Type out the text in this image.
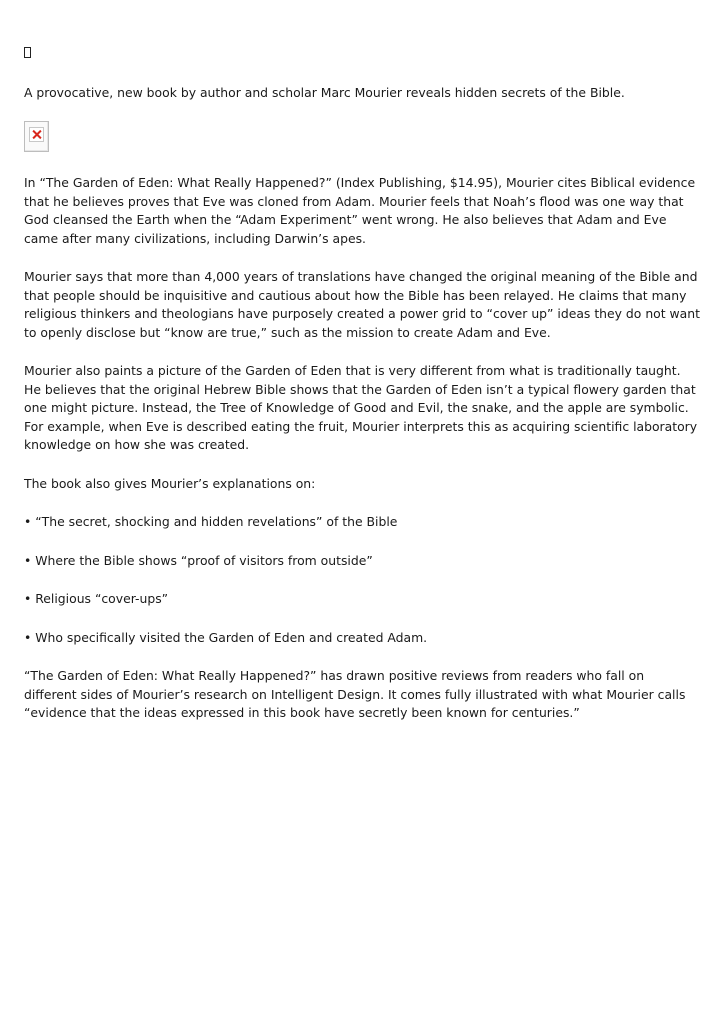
A provocative, new book by author and scholar Marc Mourier reveals hidden secrets of the Bible.

In “The Garden of Eden: What Really Happened?” (Index Publishing, $14.95), Mourier cites Biblical evidence that he believes proves that Eve was cloned from Adam. Mourier feels that Noah’s flood was one way that God cleansed the Earth when the “Adam Experiment” went wrong. He also believes that Adam and Eve came after many civilizations, including Darwin’s apes.

Mourier says that more than 4,000 years of translations have changed the original meaning of the Bible and that people should be inquisitive and cautious about how the Bible has been relayed. He claims that many religious thinkers and theologians have purposely created a power grid to “cover up” ideas they do not want to openly disclose but “know are true,” such as the mission to create Adam and Eve.

Mourier also paints a picture of the Garden of Eden that is very different from what is traditionally taught. He believes that the original Hebrew Bible shows that the Garden of Eden isn’t a typical flowery garden that one might picture. Instead, the Tree of Knowledge of Good and Evil, the snake, and the apple are symbolic. For example, when Eve is described eating the fruit, Mourier interprets this as acquiring scientific laboratory knowledge on how she was created.

The book also gives Mourier’s explanations on:

• “The secret, shocking and hidden revelations” of the Bible

• Where the Bible shows “proof of visitors from outside”

• Religious “cover-ups”

• Who specifically visited the Garden of Eden and created Adam.

“The Garden of Eden: What Really Happened?” has drawn positive reviews from readers who fall on different sides of Mourier’s research on Intelligent Design. It comes fully illustrated with what Mourier calls “evidence that the ideas expressed in this book have secretly been known for centuries.”
